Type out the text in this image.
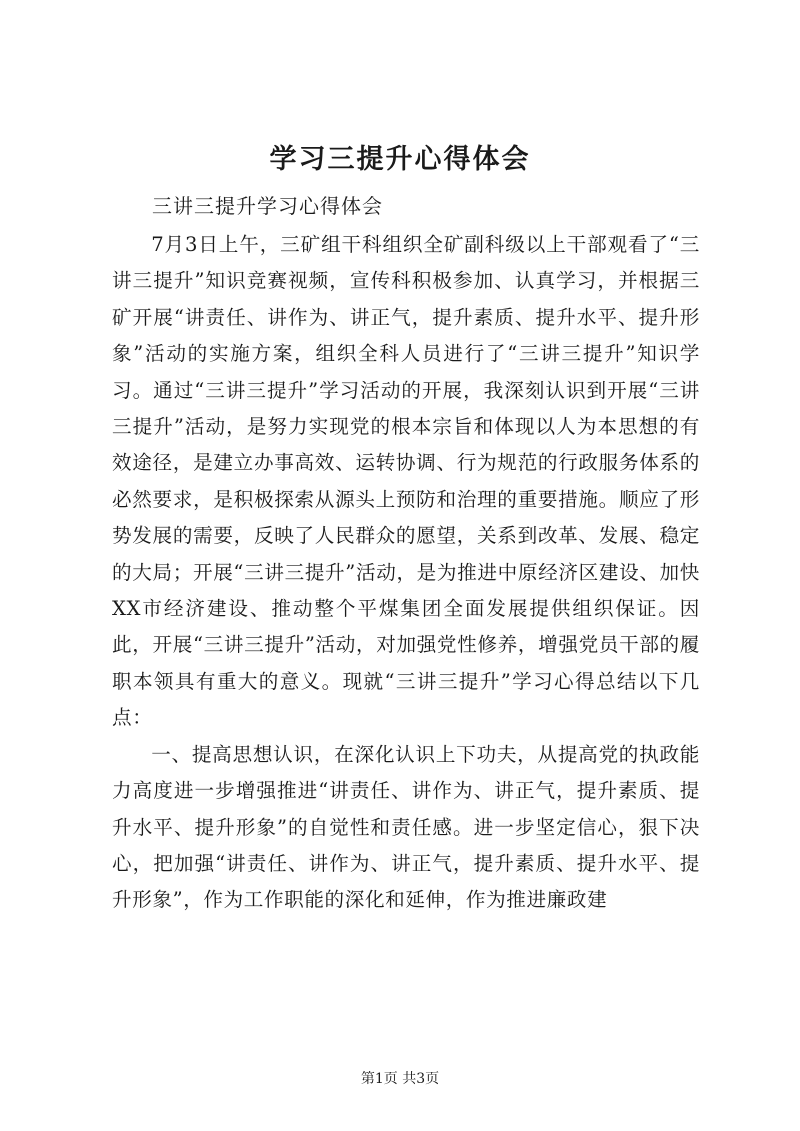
学习三提升心得体会
三讲三提升学习心得体会

7月3日上午，三矿组干科组织全矿副科级以上干部观看了“三讲三提升”知识竞赛视频，宣传科积极参加、认真学习，并根据三矿开展“讲责任、讲作为、讲正气，提升素质、提升水平、提升形象”活动的实施方案，组织全科人员进行了“三讲三提升”知识学习。通过“三讲三提升”学习活动的开展，我深刻认识到开展“三讲三提升”活动，是努力实现党的根本宗旨和体现以人为本思想的有效途径，是建立办事高效、运转协调、行为规范的行政服务体系的必然要求，是积极探索从源头上预防和治理的重要措施。顺应了形势发展的需要，反映了人民群众的愿望，关系到改革、发展、稳定的大局；开展“三讲三提升”活动，是为推进中原经济区建设、加快XX市经济建设、推动整个平煤集团全面发展提供组织保证。因此，开展“三讲三提升”活动，对加强党性修养，增强党员干部的履职本领具有重大的意义。现就“三讲三提升”学习心得总结以下几点：

一、提高思想认识，在深化认识上下功夫，从提高党的执政能力高度进一步增强推进“讲责任、讲作为、讲正气，提升素质、提升水平、提升形象”的自觉性和责任感。进一步坚定信心，狠下决心，把加强“讲责任、讲作为、讲正气，提升素质、提升水平、提升形象”，作为工作职能的深化和延伸，作为推进廉政建

第1页 共3页
